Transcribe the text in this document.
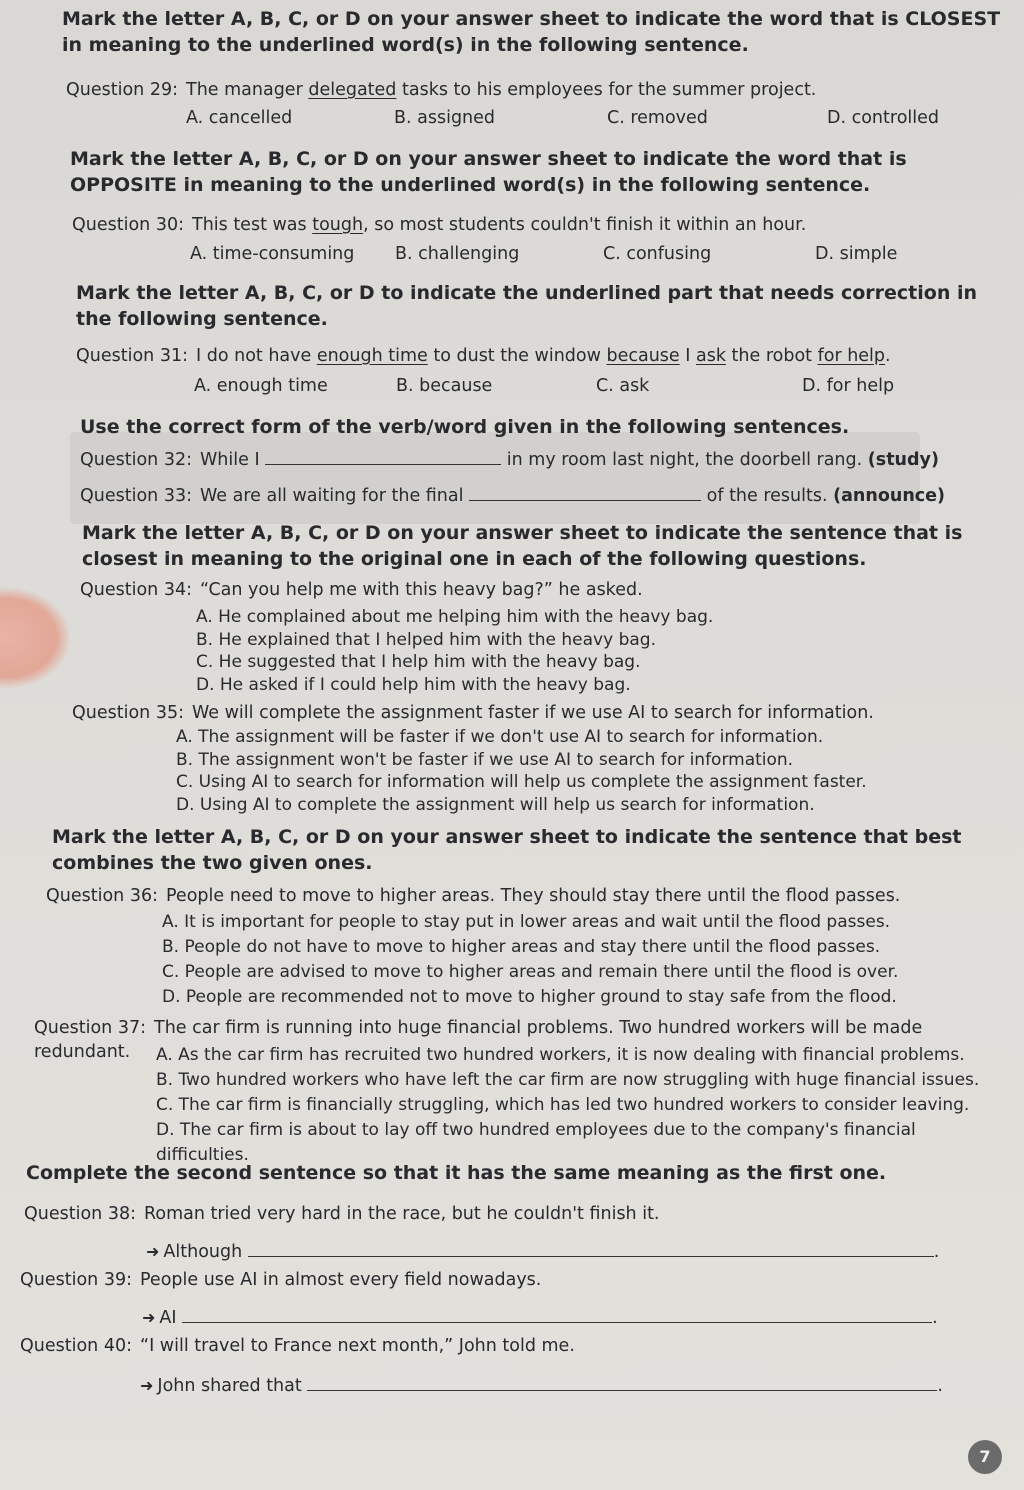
Mark the letter A, B, C, or D on your answer sheet to indicate the word that is CLOSEST in meaning to the underlined word(s) in the following sentence.

Question 29: The manager delegated tasks to his employees for the summer project.

A. cancelled	B. assigned	C. removed	D. controlled

Mark the letter A, B, C, or D on your answer sheet to indicate the word that is OPPOSITE in meaning to the underlined word(s) in the following sentence.

Question 30: This test was tough, so most students couldn't finish it within an hour.

A. time-consuming	B. challenging	C. confusing	D. simple

Mark the letter A, B, C, or D to indicate the underlined part that needs correction in the following sentence.

Question 31: I do not have enough time to dust the window because I ask the robot for help.

A. enough time	B. because	C. ask	D. for help

Use the correct form of the verb/word given in the following sentences.

Question 32: While I	in my room last night, the doorbell rang. (study)

Question 33: We are all waiting for the final	of the results. (announce)

Mark the letter A, B, C, or D on your answer sheet to indicate the sentence that is closest in meaning to the original one in each of the following questions.

Question 34: “Can you help me with this heavy bag?” he asked.

A. He complained about me helping him with the heavy bag.
B. He explained that I helped him with the heavy bag.
C. He suggested that I help him with the heavy bag.
D. He asked if I could help him with the heavy bag.

Question 35: We will complete the assignment faster if we use AI to search for information.

A. The assignment will be faster if we don't use AI to search for information.
B. The assignment won't be faster if we use AI to search for information.
C. Using AI to search for information will help us complete the assignment faster.
D. Using AI to complete the assignment will help us search for information.

Mark the letter A, B, C, or D on your answer sheet to indicate the sentence that best combines the two given ones.

Question 36: People need to move to higher areas. They should stay there until the flood passes.

A. It is important for people to stay put in lower areas and wait until the flood passes.
B. People do not have to move to higher areas and stay there until the flood passes.
C. People are advised to move to higher areas and remain there until the flood is over.
D. People are recommended not to move to higher ground to stay safe from the flood.

Question 37: The car firm is running into huge financial problems. Two hundred workers will be made redundant.	A. As the car firm has recruited two hundred workers, it is now dealing with financial problems.
B. Two hundred workers who have left the car firm are now struggling with huge financial issues.
C. The car firm is financially struggling, which has led two hundred workers to consider leaving.
D. The car firm is about to lay off two hundred employees due to the company's financial difficulties.

Complete the second sentence so that it has the same meaning as the first one.

Question 38: Roman tried very hard in the race, but he couldn't finish it.

➜ Although	.

Question 39: People use AI in almost every field nowadays.

➜ AI	.

Question 40: “I will travel to France next month,” John told me.

➜ John shared that	.
7
